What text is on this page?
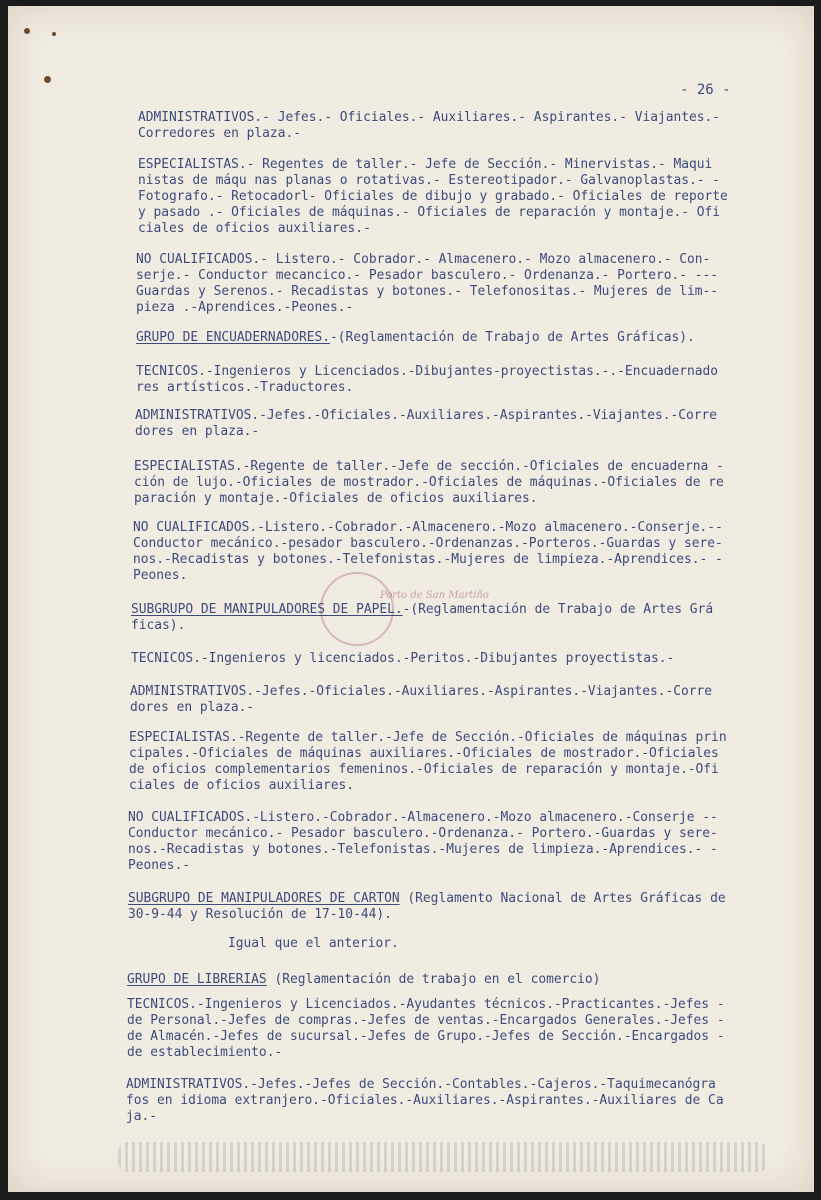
- 26 -
Porto de San Martiño
ADMINISTRATIVOS.- Jefes.- Oficiales.- Auxiliares.- Aspirantes.- Viajantes.-
Corredores en plaza.-
ESPECIALISTAS.- Regentes de taller.- Jefe de Sección.- Minervistas.- Maqui
nistas de máqu nas planas o rotativas.- Estereotipador.- Galvanoplastas.- -
Fotografo.- Retocadorl- Oficiales de dibujo y grabado.- Oficiales de reporte
y pasado .- Oficiales de máquinas.- Oficiales de reparación y montaje.- Ofi
ciales de oficios auxiliares.-
NO CUALIFICADOS.- Listero.- Cobrador.- Almacenero.- Mozo almacenero.- Con-
serje.- Conductor mecancico.- Pesador basculero.- Ordenanza.- Portero.- ---
Guardas y Serenos.- Recadistas y botones.- Telefonositas.- Mujeres de lim--
pieza .-Aprendices.-Peones.-
GRUPO DE ENCUADERNADORES.-(Reglamentación de Trabajo de Artes Gráficas).
TECNICOS.-Ingenieros y Licenciados.-Dibujantes-proyectistas.-.-Encuadernado
res artísticos.-Traductores.
ADMINISTRATIVOS.-Jefes.-Oficiales.-Auxiliares.-Aspirantes.-Viajantes.-Corre
dores en plaza.-
ESPECIALISTAS.-Regente de taller.-Jefe de sección.-Oficiales de encuaderna -
ción de lujo.-Oficiales de mostrador.-Oficiales de máquinas.-Oficiales de re
paración y montaje.-Oficiales de oficios auxiliares.
NO CUALIFICADOS.-Listero.-Cobrador.-Almacenero.-Mozo almacenero.-Conserje.--
Conductor mecánico.-pesador basculero.-Ordenanzas.-Porteros.-Guardas y sere-
nos.-Recadistas y botones.-Telefonistas.-Mujeres de limpieza.-Aprendices.- -
Peones.
SUBGRUPO DE MANIPULADORES DE PAPEL.-(Reglamentación de Trabajo de Artes Grá
ficas).
TECNICOS.-Ingenieros y licenciados.-Peritos.-Dibujantes proyectistas.-
ADMINISTRATIVOS.-Jefes.-Oficiales.-Auxiliares.-Aspirantes.-Viajantes.-Corre
dores en plaza.-
ESPECIALISTAS.-Regente de taller.-Jefe de Sección.-Oficiales de máquinas prin
cipales.-Oficiales de máquinas auxiliares.-Oficiales de mostrador.-Oficiales
de oficios complementarios femeninos.-Oficiales de reparación y montaje.-Ofi
ciales de oficios auxiliares.
NO CUALIFICADOS.-Listero.-Cobrador.-Almacenero.-Mozo almacenero.-Conserje --
Conductor mecánico.- Pesador basculero.-Ordenanza.- Portero.-Guardas y sere-
nos.-Recadistas y botones.-Telefonistas.-Mujeres de limpieza.-Aprendices.- -
Peones.-
SUBGRUPO DE MANIPULADORES DE CARTON (Reglamento Nacional de Artes Gráficas de
30-9-44 y Resolución de 17-10-44).
Igual que el anterior.
GRUPO DE LIBRERIAS (Reglamentación de trabajo en el comercio)
TECNICOS.-Ingenieros y Licenciados.-Ayudantes técnicos.-Practicantes.-Jefes -
de Personal.-Jefes de compras.-Jefes de ventas.-Encargados Generales.-Jefes -
de Almacén.-Jefes de sucursal.-Jefes de Grupo.-Jefes de Sección.-Encargados -
de establecimiento.-
ADMINISTRATIVOS.-Jefes.-Jefes de Sección.-Contables.-Cajeros.-Taquimecanógra
fos en idioma extranjero.-Oficiales.-Auxiliares.-Aspirantes.-Auxiliares de Ca
ja.-
